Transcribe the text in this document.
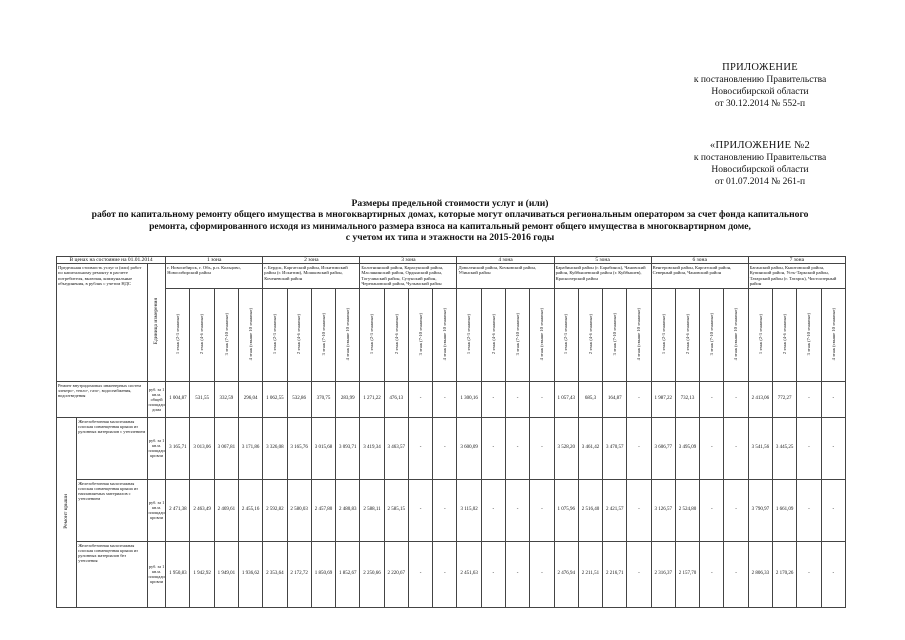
ПРИЛОЖЕНИЕ
к постановлению Правительства
Новосибирской области
от 30.12.2014 № 552-п
«ПРИЛОЖЕНИЕ №2
к постановлению Правительства
Новосибирской области
от 01.07.2014 № 261-п
Размеры предельной стоимости услуг и (или)
работ по капитальному ремонту общего имущества в многоквартирных домах, которые могут оплачиваться региональным оператором за счет фонда капитального
ремонта, сформированного исходя из минимального размера взноса на капитальный ремонт общего имущества в многоквартирном доме,
с учетом их типа и этажности на 2015-2016 годы
В ценах на состояние на 01.01.2014			1 зона				2 зона				3 зона				4 зона				5 зона				6 зона				7 зона			
Предельная стоимость услуг и (или) работ по капитальному ремонту в расчете потребителя, включая, коммунальные объединения, в рублях с учетом НДС		Единица измерения	г. Новосибирск, г. Обь, р.п. Кольцово, Новосибирский район				г. Бердск, Каргатский район, Искитимский район (г. Искитим), Мошковский район, Коченевский район				Болотнинский район, Карасукский район, Маслянинский район, Ордынский район, Тогучинский район, Сузунский район, Черепановский район, Чулымский район				Доволенский район, Кочковский район, Убинский район				Барабинский район (г. Барабинск), Чановский район, Куйбышевский район (г. Куйбышев), Краснозерский район				Венгеровский район, Каргатский район, Северный район, Чановский район				Баганский район, Кыштовский район, Купинский район, Усть-Таркский район, Татарский район (г. Татарск), Чистоозерный район			
			1 этаж (2-3 этажные)	2 этаж (4-6 этажные)	3 этаж (7-10 этажные)	4 этаж (свыше 10 этажные)	1 этаж (2-3 этажные)	2 этаж (4-6 этажные)	3 этаж (7-10 этажные)	4 этаж (свыше 10 этажные)	1 этаж (2-3 этажные)	2 этаж (4-6 этажные)	3 этаж (7-10 этажные)	4 этаж (свыше 10 этажные)	1 этаж (2-3 этажные)	2 этаж (4-6 этажные)	3 этаж (7-10 этажные)	4 этаж (свыше 10 этажные)	1 этаж (2-3 этажные)	2 этаж (4-6 этажные)	3 этаж (7-10 этажные)	4 этаж (свыше 10 этажные)	1 этаж (2-3 этажные)	2 этаж (4-6 этажные)	3 этаж (7-10 этажные)	4 этаж (свыше 10 этажные)	1 этаж (2-3 этажные)	2 этаж (4-6 этажные)	3 этаж (7-10 этажные)	4 этаж (свыше 10 этажные)
Ремонт внутридомовых инженерных систем электро-, тепло-, газо-, водоснабжения, водоотведения		руб. за 1 кв.м. общей площади дома	1 004,87	531,55	332,59	296,04	1 062,55	532,86	370,75	283,99	1 271,22	476,13	-	-	1 300,16	-	-	-	1 057,43	685,3	164,87	-	1 987,22	732,13	-	-	2 413,06	772,27	-	-
Ремонт крыши	Железобетонная малоэтажная плоская совмещенная крыша из рулонных материалов с утеплением	руб. за 1 кв.м. площади кровли	3 165,71	3 013,06	3 067,81	3 171,86	3 326,08	3 165,76	3 015,68	3 093,71	3 419,34	3 463,57	-	-	3 600,09	-	-	-	3 528,20	3 461,42	3 470,57	-	3 606,77	3 495,09	-	-	3 541,56	3 445,25	-	-
	Железобетонная малоэтажная плоская совмещенная крыша из наплавляемых материалов с утеплением	руб. за 1 кв.м. площади кровли	2 471,38	2 463,49	2 469,61	2 455,16	2 592,82	2 580,03	2 457,80	2 480,83	2 588,11	2 585,15	-	-	3 115,02	-	-	-	1 075,96	2 516,40	2 421,57	-	3 126,57	2 524,80	-	-	3 790,97	1 661,09	-	-
	Железобетонная малоэтажная плоская совмещенная крыша из рулонных материалов без утепления	руб. за 1 кв.м. площади кровли	1 950,83	1 942,92	1 949,01	1 936,62	2 353,64	2 172,72	1 850,69	1 852,67	2 250,66	2 220,67	-	-	2 451,63	-	-	-	2 476,94	2 211,51	2 216,71	-	2 316,37	2 157,70	-	-	2 806,33	2 170,26	-	-
